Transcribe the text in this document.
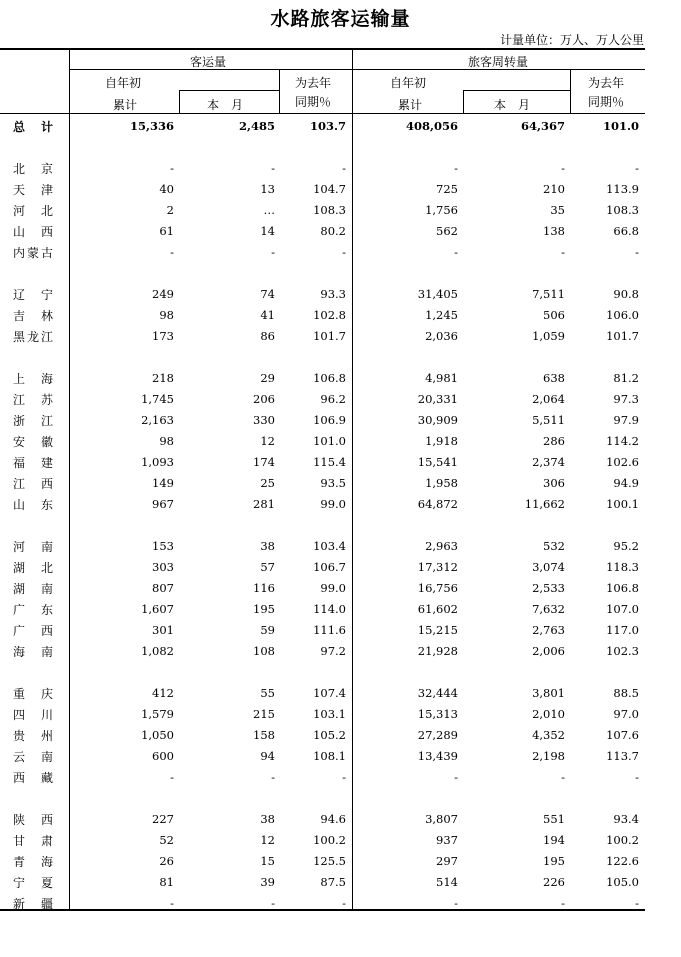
水路旅客运输量
计量单位：万人、万人公里
客运量	旅客周转量
自年初
累计	本　月
为去年
同期％
自年初
累计	本　月
为去年
同期％
总　计	15,336	2,485	103.7	408,056	64,367	101.0
北　京	-	-	-	-	-	-
天　津	40	13	104.7	725	210	113.9
河　北	2	…	108.3	1,756	35	108.3
山　西	61	14	80.2	562	138	66.8
内蒙古	-	-	-	-	-	-
辽　宁	249	74	93.3	31,405	7,511	90.8
吉　林	98	41	102.8	1,245	506	106.0
黑龙江	173	86	101.7	2,036	1,059	101.7
上　海	218	29	106.8	4,981	638	81.2
江　苏	1,745	206	96.2	20,331	2,064	97.3
浙　江	2,163	330	106.9	30,909	5,511	97.9
安　徽	98	12	101.0	1,918	286	114.2
福　建	1,093	174	115.4	15,541	2,374	102.6
江　西	149	25	93.5	1,958	306	94.9
山　东	967	281	99.0	64,872	11,662	100.1
河　南	153	38	103.4	2,963	532	95.2
湖　北	303	57	106.7	17,312	3,074	118.3
湖　南	807	116	99.0	16,756	2,533	106.8
广　东	1,607	195	114.0	61,602	7,632	107.0
广　西	301	59	111.6	15,215	2,763	117.0
海　南	1,082	108	97.2	21,928	2,006	102.3
重　庆	412	55	107.4	32,444	3,801	88.5
四　川	1,579	215	103.1	15,313	2,010	97.0
贵　州	1,050	158	105.2	27,289	4,352	107.6
云　南	600	94	108.1	13,439	2,198	113.7
西　藏	-	-	-	-	-	-
陕　西	227	38	94.6	3,807	551	93.4
甘　肃	52	12	100.2	937	194	100.2
青　海	26	15	125.5	297	195	122.6
宁　夏	81	39	87.5	514	226	105.0
新　疆	-	-	-	-	-	-
